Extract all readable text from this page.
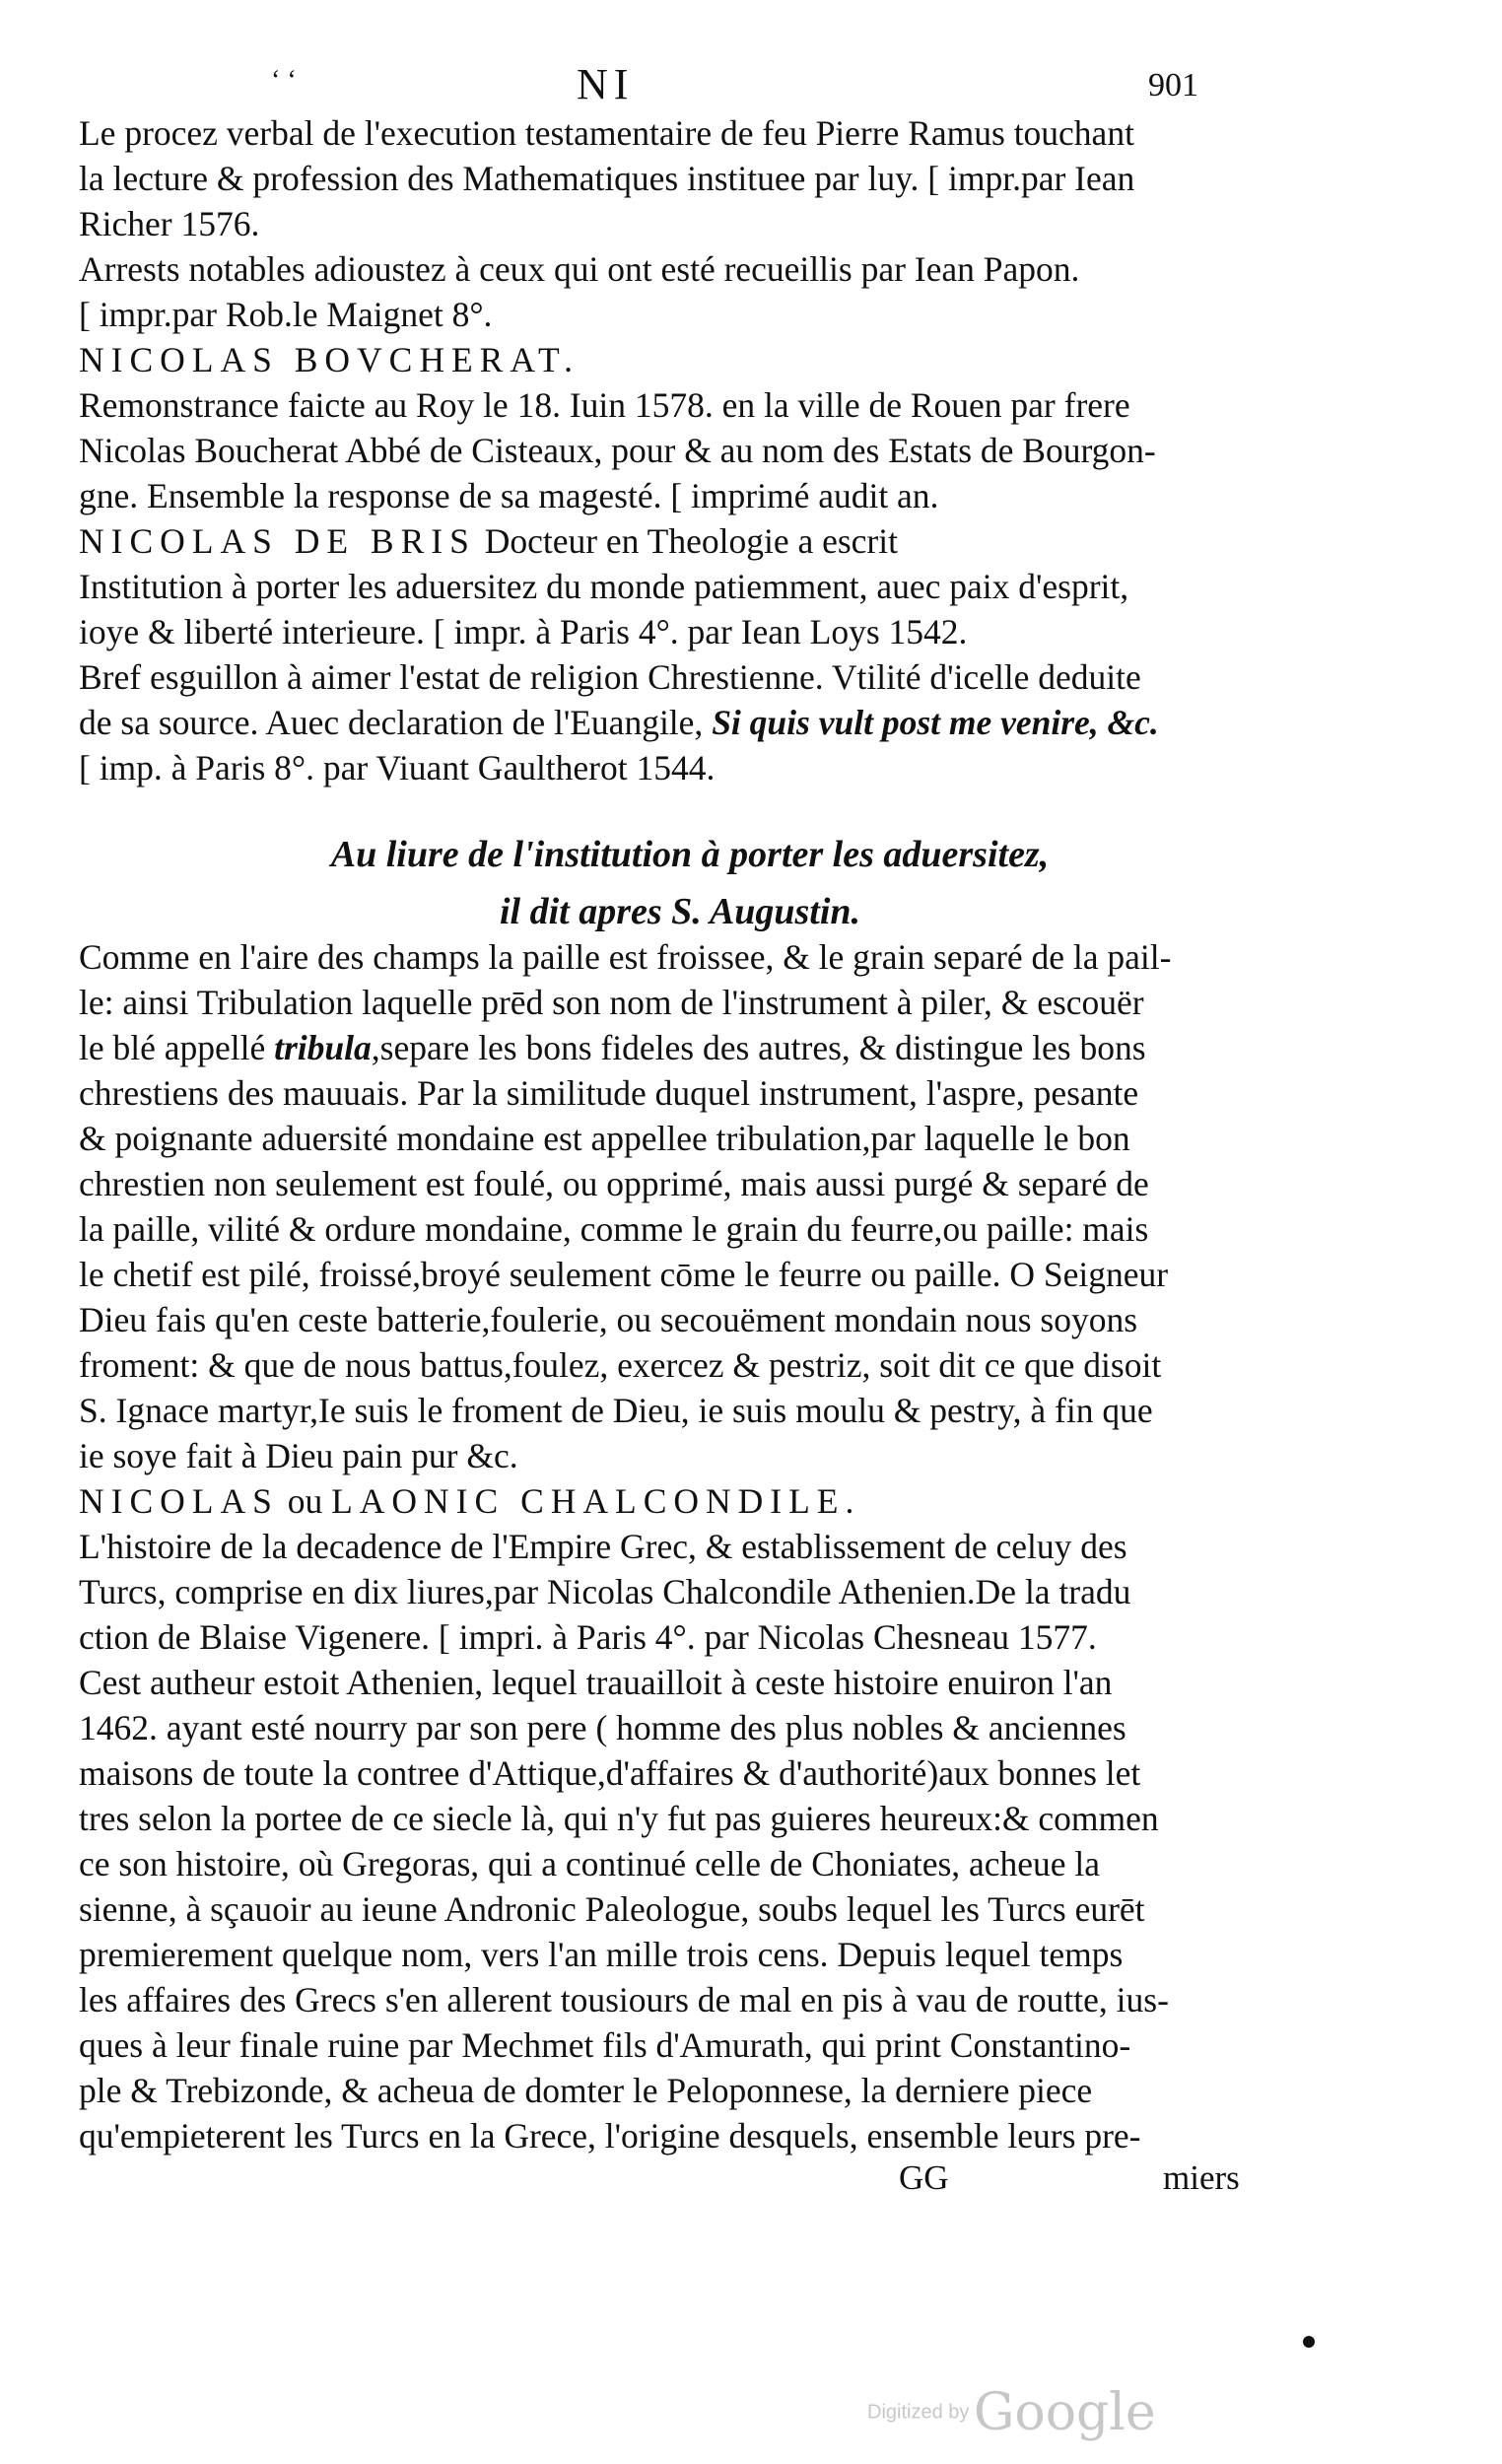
‘ ‘	NI	901
Le procez verbal de l'execution testamentaire de feu Pierre Ramus touchant
la lecture & profession des Mathematiques instituee par luy. [ impr.par Iean
Richer 1576.
Arrests notables adioustez à ceux qui ont esté recueillis par Iean Papon.
[ impr.par Rob.le Maignet 8°.
NICOLAS BOVCHERAT.
Remonstrance faicte au Roy le 18. Iuin 1578. en la ville de Rouen par frere
Nicolas Boucherat Abbé de Cisteaux, pour & au nom des Estats de Bourgon-
gne. Ensemble la response de sa magesté. [ imprimé audit an.
NICOLAS DE BRIS Docteur en Theologie a escrit
Institution à porter les aduersitez du monde patiemment, auec paix d'esprit,
ioye & liberté interieure. [ impr. à Paris 4°. par Iean Loys 1542.
Bref esguillon à aimer l'estat de religion Chrestienne. Vtilité d'icelle deduite
de sa source. Auec declaration de l'Euangile, Si quis vult post me venire, &c.
[ imp. à Paris 8°. par Viuant Gaultherot 1544.
Au liure de l'institution à porter les aduersitez,
il dit apres S. Augustin.
Comme en l'aire des champs la paille est froissee, & le grain separé de la pail-
le: ainsi Tribulation laquelle prēd son nom de l'instrument à piler, & escouër
le blé appellé tribula,separe les bons fideles des autres, & distingue les bons
chrestiens des mauuais. Par la similitude duquel instrument, l'aspre, pesante
& poignante aduersité mondaine est appellee tribulation,par laquelle le bon
chrestien non seulement est foulé, ou opprimé, mais aussi purgé & separé de
la paille, vilité & ordure mondaine, comme le grain du feurre,ou paille: mais
le chetif est pilé, froissé,broyé seulement cōme le feurre ou paille. O Seigneur
Dieu fais qu'en ceste batterie,foulerie, ou secouëment mondain nous soyons
froment: & que de nous battus,foulez, exercez & pestriz, soit dit ce que disoit
S. Ignace martyr,Ie suis le froment de Dieu, ie suis moulu & pestry, à fin que
ie soye fait à Dieu pain pur &c.
NICOLAS ou LAONIC CHALCONDILE.
L'histoire de la decadence de l'Empire Grec, & establissement de celuy des
Turcs, comprise en dix liures,par Nicolas Chalcondile Athenien.De la tradu
ction de Blaise Vigenere. [ impri. à Paris 4°. par Nicolas Chesneau 1577.
Cest autheur estoit Athenien, lequel trauailloit à ceste histoire enuiron l'an
1462. ayant esté nourry par son pere ( homme des plus nobles & anciennes
maisons de toute la contree d'Attique,d'affaires & d'authorité)aux bonnes let
tres selon la portee de ce siecle là, qui n'y fut pas guieres heureux:& commen
ce son histoire, où Gregoras, qui a continué celle de Choniates, acheue la
sienne, à sçauoir au ieune Andronic Paleologue, soubs lequel les Turcs eurēt
premierement quelque nom, vers l'an mille trois cens. Depuis lequel temps
les affaires des Grecs s'en allerent tousiours de mal en pis à vau de routte, ius-
ques à leur finale ruine par Mechmet fils d'Amurath, qui print Constantino-
ple & Trebizonde, & acheua de domter le Peloponnese, la derniere piece
qu'empieterent les Turcs en la Grece, l'origine desquels, ensemble leurs pre-
GG	miers
Digitized by Google
